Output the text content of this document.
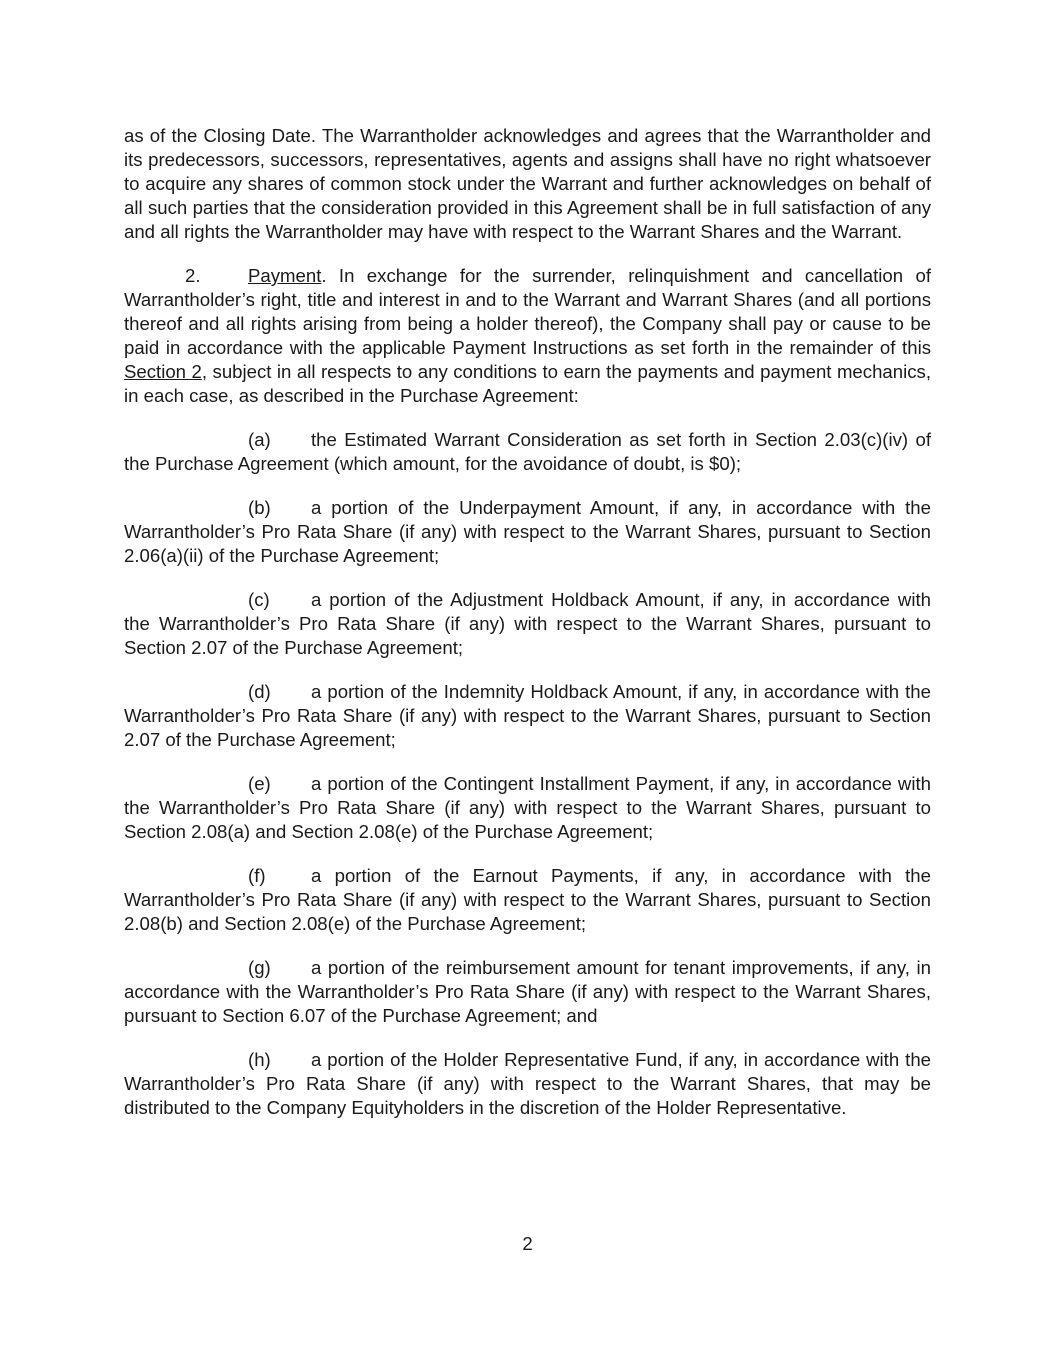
as of the Closing Date. The Warrantholder acknowledges and agrees that the Warrantholder and its predecessors, successors, representatives, agents and assigns shall have no right whatsoever to acquire any shares of common stock under the Warrant and further acknowledges on behalf of all such parties that the consideration provided in this Agreement shall be in full satisfaction of any and all rights the Warrantholder may have with respect to the Warrant Shares and the Warrant.

2.	Payment. In exchange for the surrender, relinquishment and cancellation of Warrantholder’s right, title and interest in and to the Warrant and Warrant Shares (and all portions thereof and all rights arising from being a holder thereof), the Company shall pay or cause to be paid in accordance with the applicable Payment Instructions as set forth in the remainder of this Section 2, subject in all respects to any conditions to earn the payments and payment mechanics, in each case, as described in the Purchase Agreement:

(a) the Estimated Warrant Consideration as set forth in Section 2.03(c)(iv) of the Purchase Agreement (which amount, for the avoidance of doubt, is $0);

(b) a portion of the Underpayment Amount, if any, in accordance with the Warrantholder’s Pro Rata Share (if any) with respect to the Warrant Shares, pursuant to Section 2.06(a)(ii) of the Purchase Agreement;

(c) a portion of the Adjustment Holdback Amount, if any, in accordance with the Warrantholder’s Pro Rata Share (if any) with respect to the Warrant Shares, pursuant to Section 2.07 of the Purchase Agreement;

(d) a portion of the Indemnity Holdback Amount, if any, in accordance with the Warrantholder’s Pro Rata Share (if any) with respect to the Warrant Shares, pursuant to Section 2.07 of the Purchase Agreement;

(e) a portion of the Contingent Installment Payment, if any, in accordance with the Warrantholder’s Pro Rata Share (if any) with respect to the Warrant Shares, pursuant to Section 2.08(a) and Section 2.08(e) of the Purchase Agreement;

(f) a portion of the Earnout Payments, if any, in accordance with the Warrantholder’s Pro Rata Share (if any) with respect to the Warrant Shares, pursuant to Section 2.08(b) and Section 2.08(e) of the Purchase Agreement;

(g) a portion of the reimbursement amount for tenant improvements, if any, in accordance with the Warrantholder’s Pro Rata Share (if any) with respect to the Warrant Shares, pursuant to Section 6.07 of the Purchase Agreement; and

(h) a portion of the Holder Representative Fund, if any, in accordance with the Warrantholder’s Pro Rata Share (if any) with respect to the Warrant Shares, that may be distributed to the Company Equityholders in the discretion of the Holder Representative.

2
